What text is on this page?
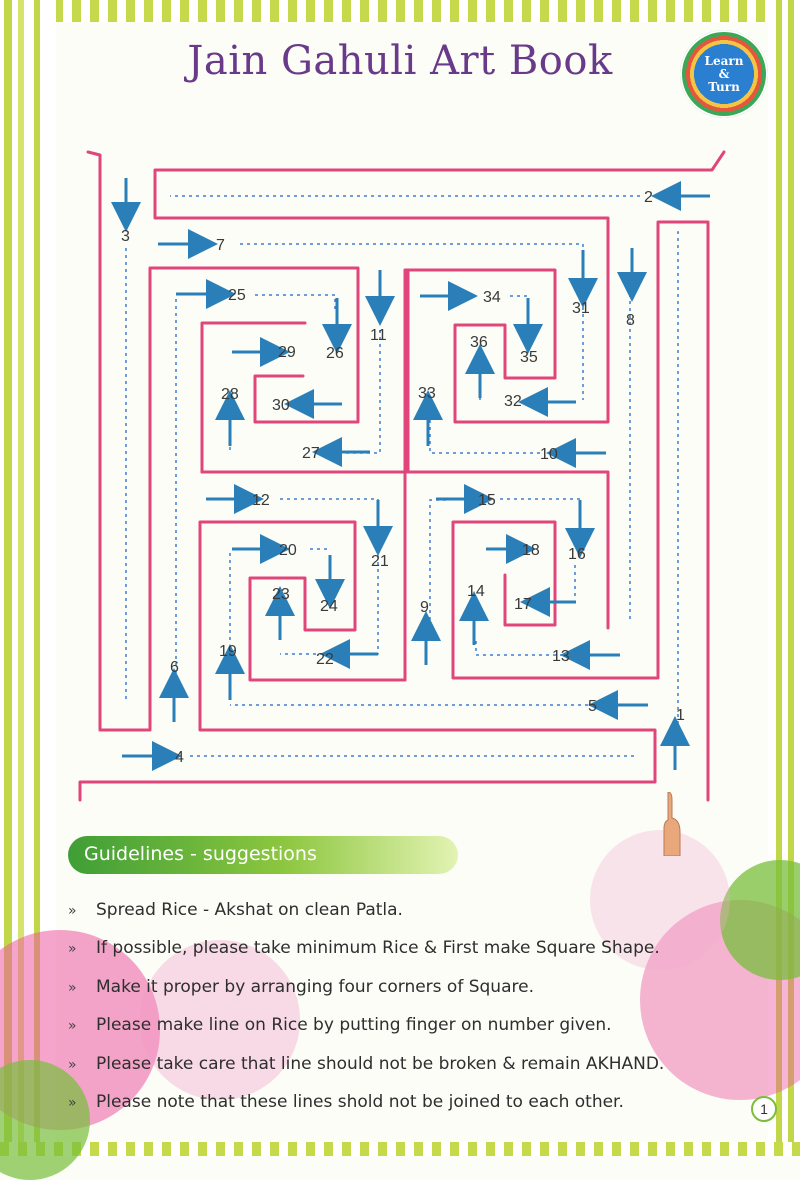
Jain Gahuli Art Book	Learn
&
Turn
1
2
3
4
5
6
7
8
9
10
11
12
13
14
15
16
17
18
19
20
21
22
23
24
25
26
27
28
29
30
31
32
33
34
35
36
Guidelines - suggestions
» Spread Rice - Akshat on clean Patla.
» If possible, please take minimum Rice & First make Square Shape.
» Make it proper by arranging four corners of Square.
» Please make line on Rice by putting finger on number given.
» Please take care that line should not be broken & remain AKHAND.
» Please note that these lines shold not be joined to each other.	1
